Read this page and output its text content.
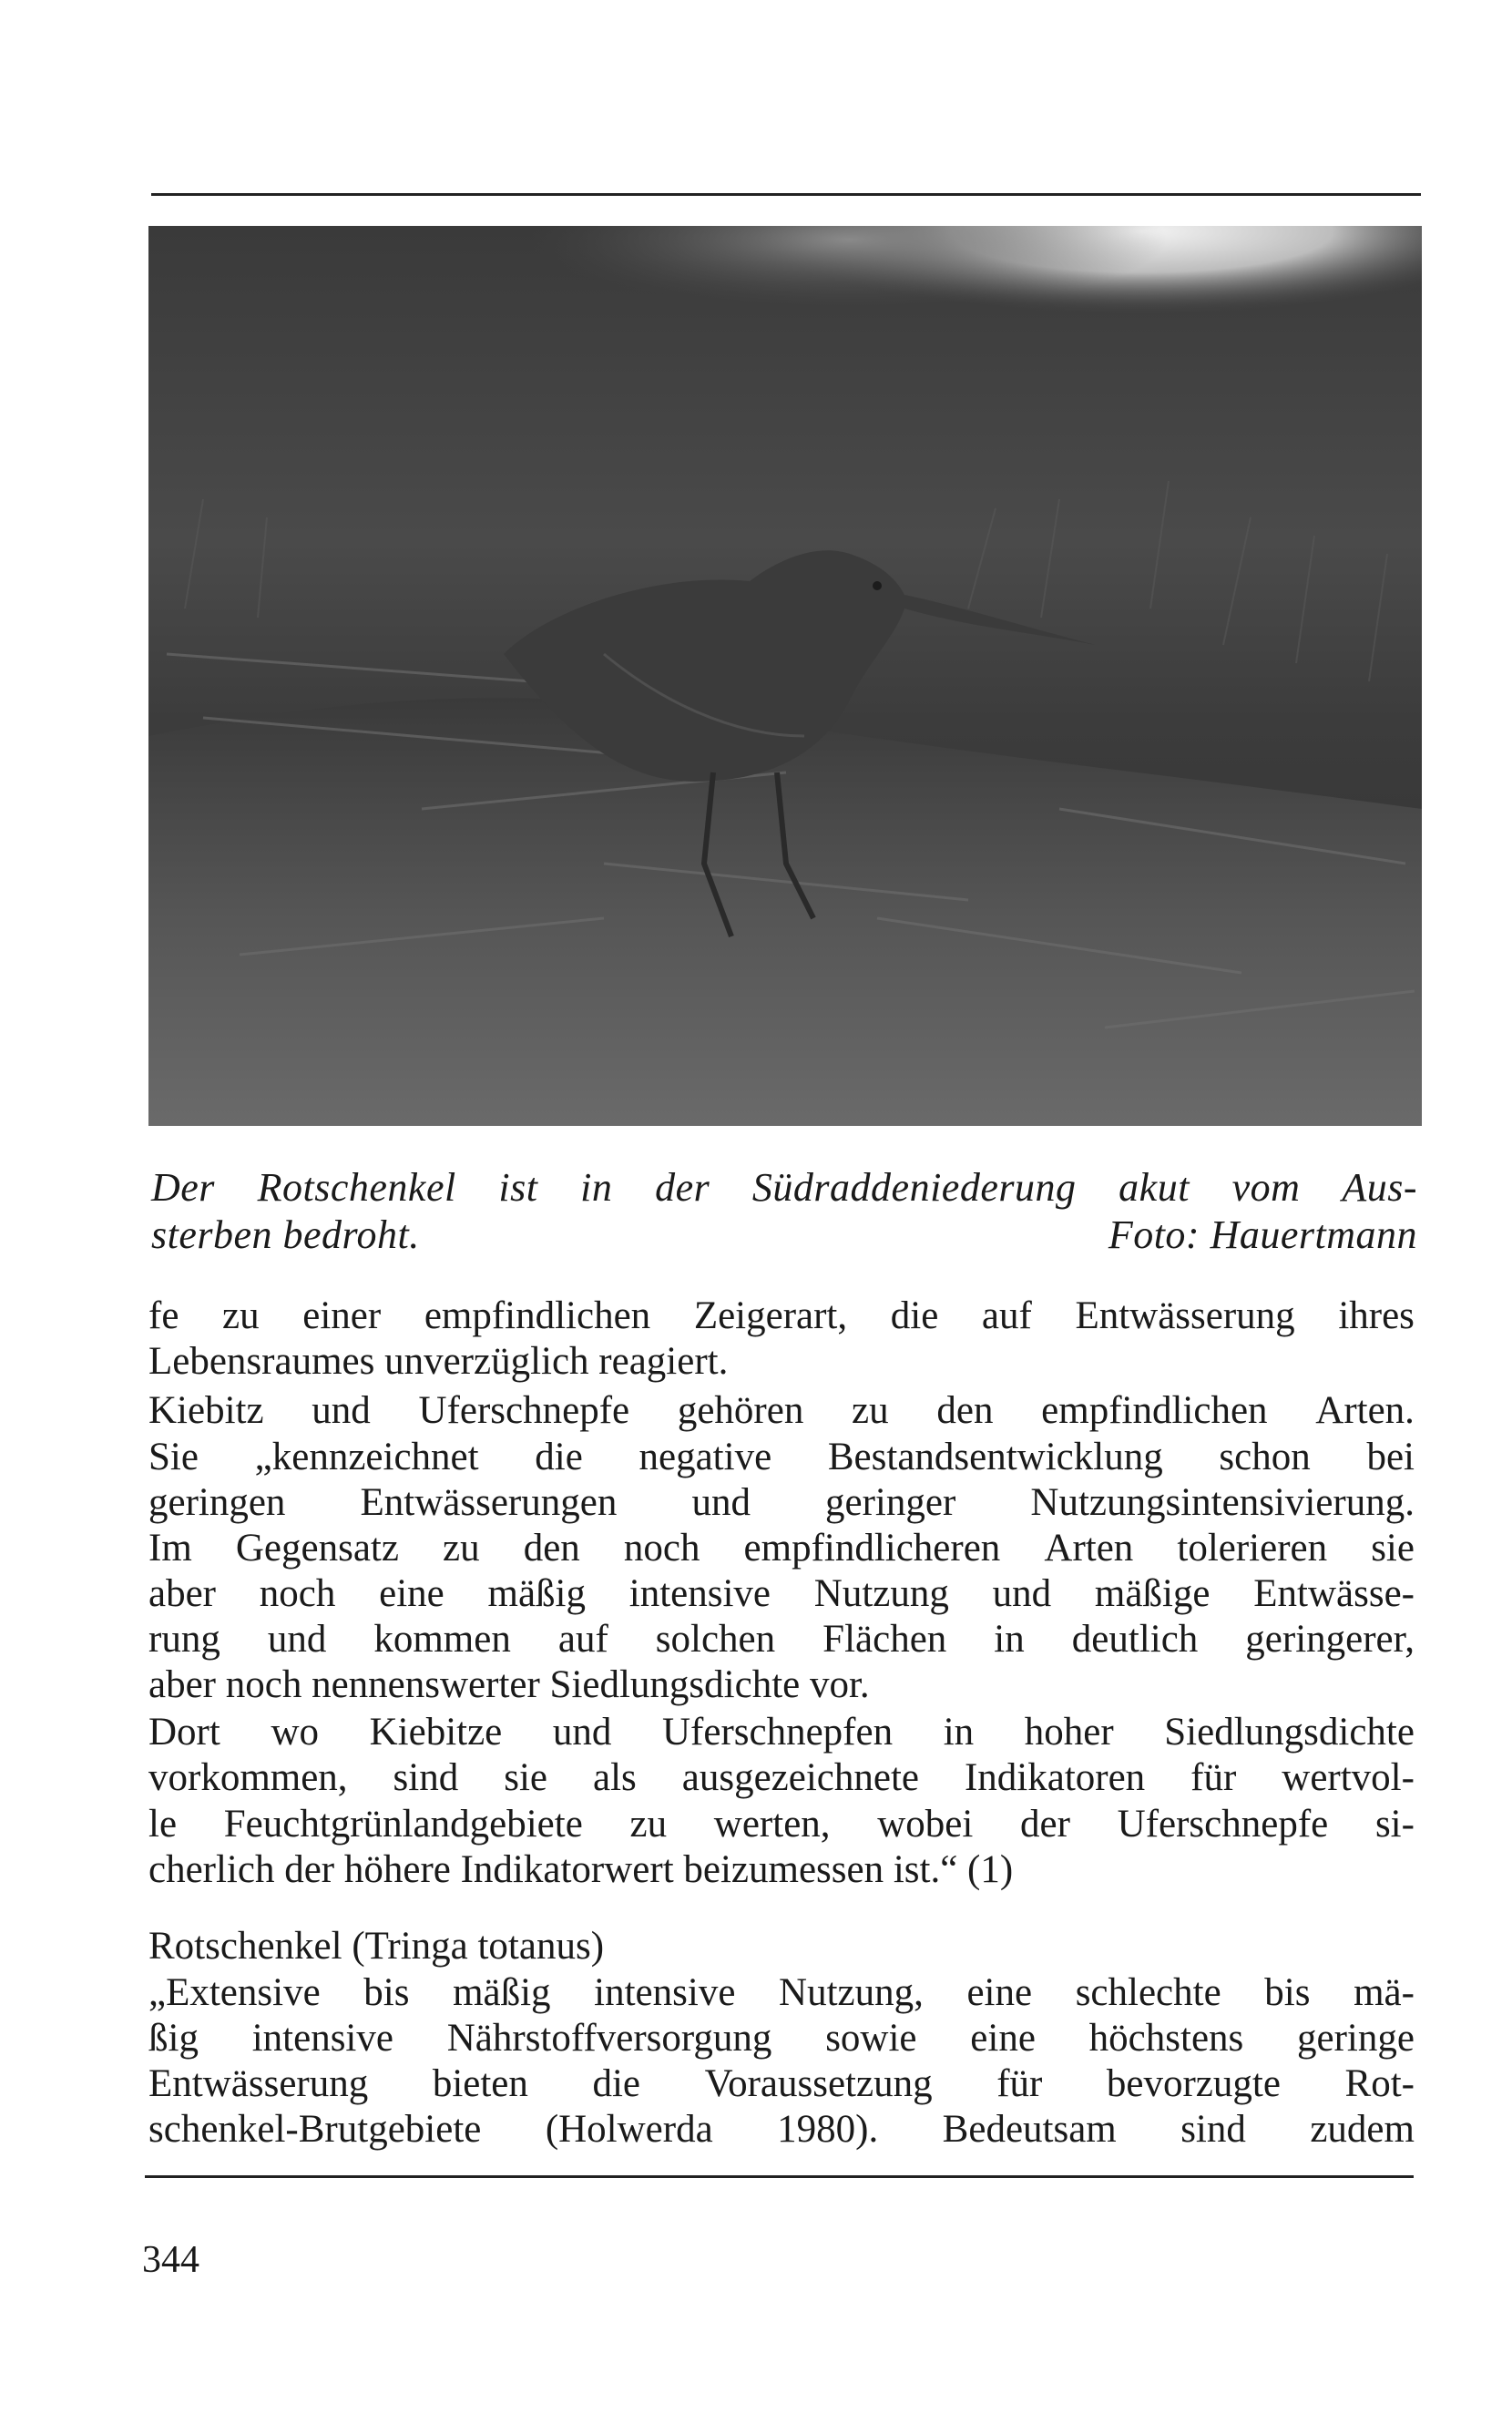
Der Rotschenkel ist in der Südraddeniederung akut vom Aus-
sterben bedroht.	Foto: Hauertmann
fe zu einer empfindlichen Zeigerart, die auf Entwässerung ihres
Lebensraumes unverzüglich reagiert.
Kiebitz und Uferschnepfe gehören zu den empfindlichen Arten.
Sie „kennzeichnet die negative Bestandsentwicklung schon bei
geringen Entwässerungen und geringer Nutzungsintensivierung.
Im Gegensatz zu den noch empfindlicheren Arten tolerieren sie
aber noch eine mäßig intensive Nutzung und mäßige Entwässe-
rung und kommen auf solchen Flächen in deutlich geringerer,
aber noch nennenswerter Siedlungsdichte vor.
Dort wo Kiebitze und Uferschnepfen in hoher Siedlungsdichte
vorkommen, sind sie als ausgezeichnete Indikatoren für wertvol-
le Feuchtgrünlandgebiete zu werten, wobei der Uferschnepfe si-
cherlich der höhere Indikatorwert beizumessen ist.“ (1)
Rotschenkel (Tringa totanus)
„Extensive bis mäßig intensive Nutzung, eine schlechte bis mä-
ßig intensive Nährstoffversorgung sowie eine höchstens geringe
Entwässerung bieten die Voraussetzung für bevorzugte Rot-
schenkel-Brutgebiete (Holwerda 1980). Bedeutsam sind zudem
344
